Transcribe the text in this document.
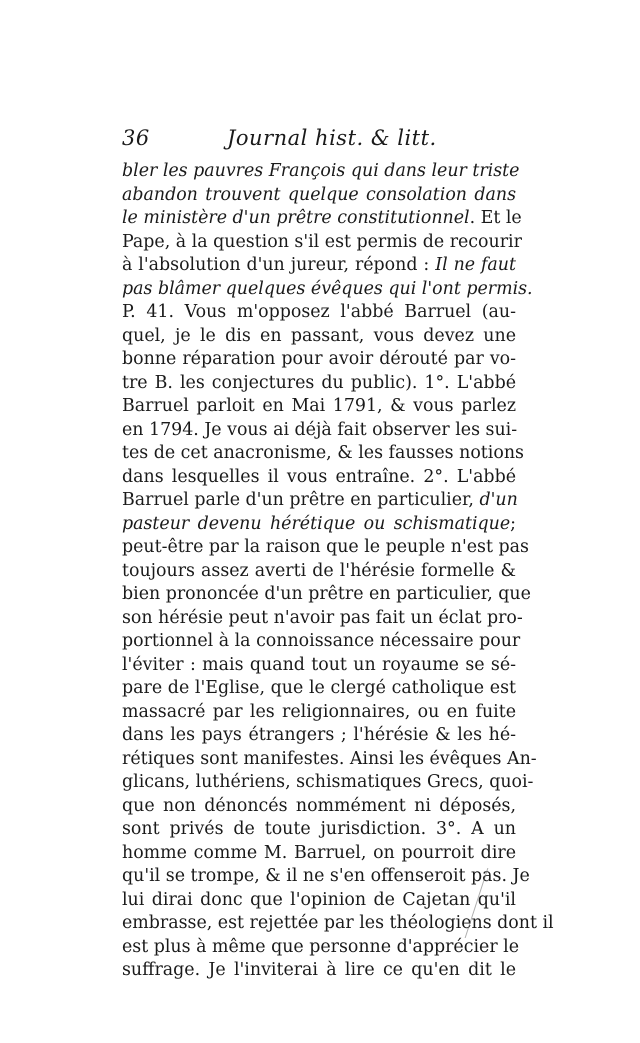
36	Journal hist. & litt.
bler les pauvres François qui dans leur triste
abandon trouvent quelque consolation dans
le ministère d'un prêtre constitutionnel. Et le
Pape, à la question s'il est permis de recourir
à l'absolution d'un jureur, répond : Il ne faut
pas blâmer quelques évêques qui l'ont permis.
P. 41. Vous m'opposez l'abbé Barruel (au-
quel, je le dis en passant, vous devez une
bonne réparation pour avoir dérouté par vo-
tre B. les conjectures du public). 1°. L'abbé
Barruel parloit en Mai 1791, & vous parlez
en 1794. Je vous ai déjà fait observer les sui-
tes de cet anacronisme, & les fausses notions
dans lesquelles il vous entraîne. 2°. L'abbé
Barruel parle d'un prêtre en particulier, d'un
pasteur devenu hérétique ou schismatique;
peut-être par la raison que le peuple n'est pas
toujours assez averti de l'hérésie formelle &
bien prononcée d'un prêtre en particulier, que
son hérésie peut n'avoir pas fait un éclat pro-
portionnel à la connoissance nécessaire pour
l'éviter : mais quand tout un royaume se sé-
pare de l'Eglise, que le clergé catholique est
massacré par les religionnaires, ou en fuite
dans les pays étrangers ; l'hérésie & les hé-
rétiques sont manifestes. Ainsi les évêques An-
glicans, luthériens, schismatiques Grecs, quoi-
que non dénoncés nommément ni déposés,
sont privés de toute jurisdiction. 3°. A un
homme comme M. Barruel, on pourroit dire
qu'il se trompe, & il ne s'en offenseroit pas. Je
lui dirai donc que l'opinion de Cajetan qu'il
embrasse, est rejettée par les théologiens dont il
est plus à même que personne d'apprécier le
suffrage. Je l'inviterai à lire ce qu'en dit le
